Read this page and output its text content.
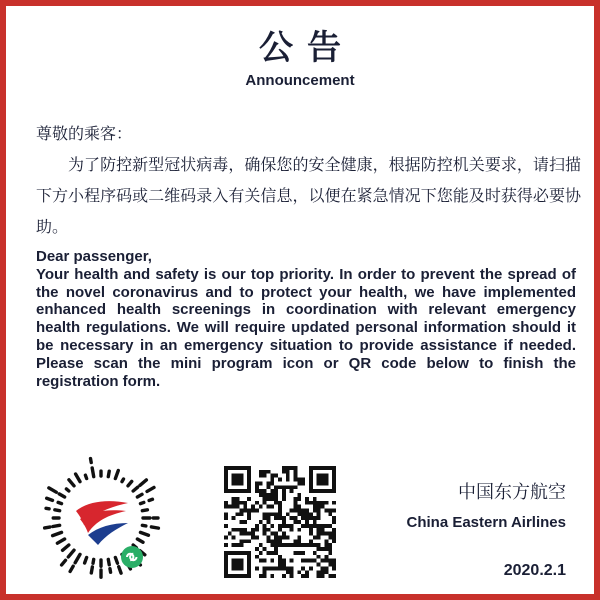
公告
Announcement

尊敬的乘客：

为了防控新型冠状病毒，确保您的安全健康，根据防控机关要求，请扫描下方小程序码或二维码录入有关信息，以便在紧急情况下您能及时获得必要协助。

Dear passenger,

Your health and safety is our top priority. In order to prevent the spread of the novel coronavirus and to protect your health, we have implemented enhanced health screenings in coordination with relevant emergency health regulations. We will require updated personal information should it be necessary in an emergency situation to provide assistance if needed. Please scan the mini program icon or QR code below to finish the registration form.

中国东方航空
China Eastern Airlines
2020.2.1
